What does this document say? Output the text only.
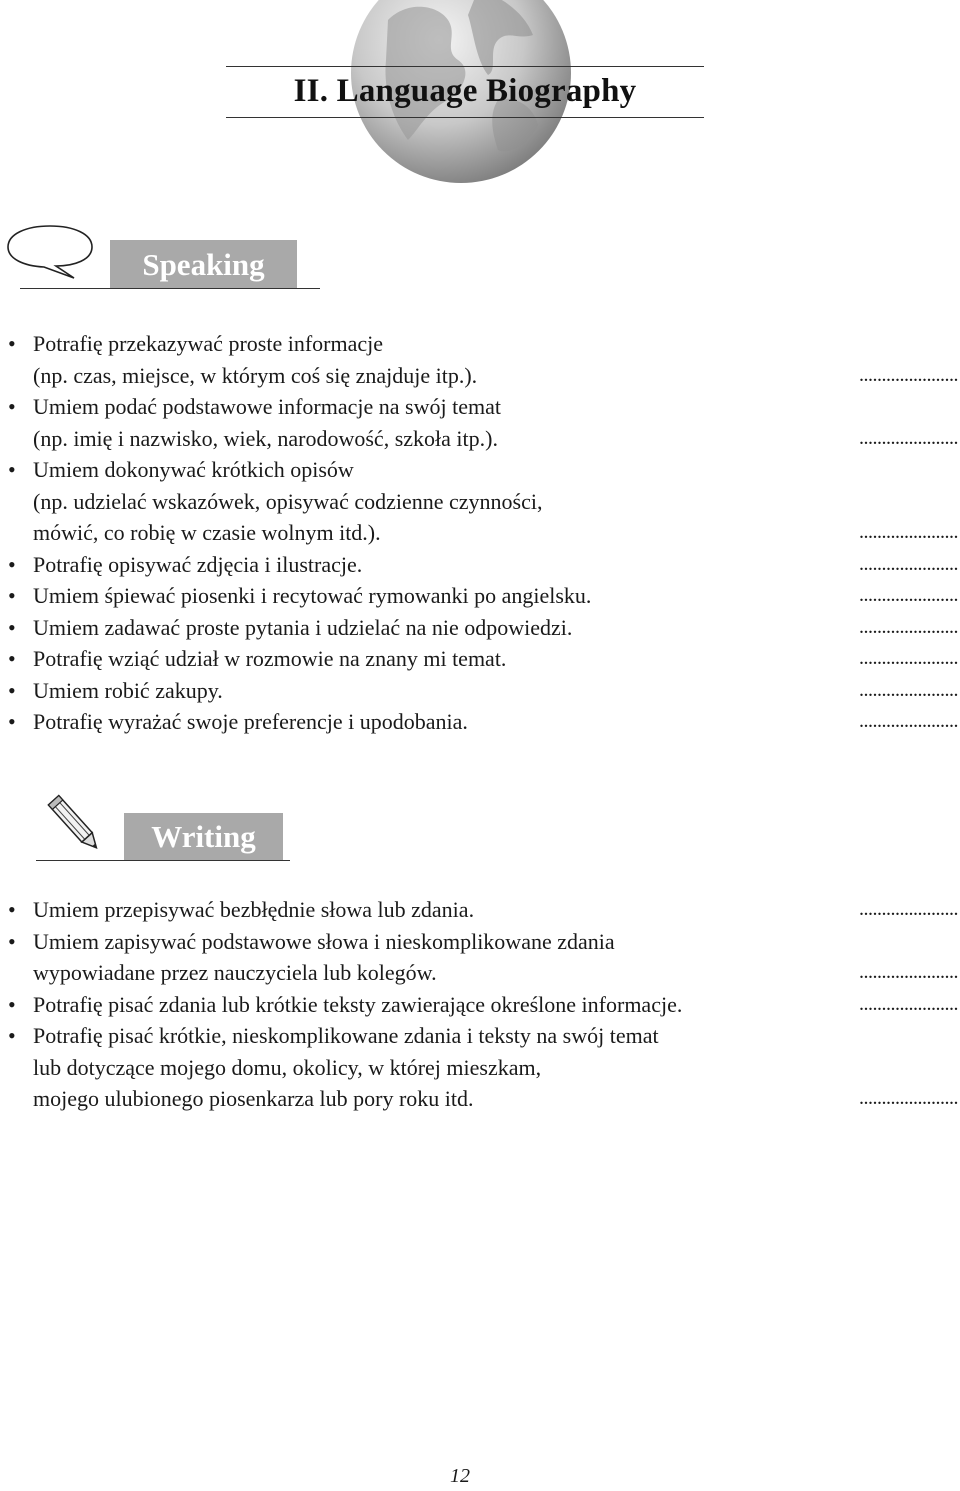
II. Language Biography
Speaking
• Potrafię przekazywać proste informacje
(np. czas, miejsce, w którym coś się znajduje itp.).	......................
• Umiem podać podstawowe informacje na swój temat
(np. imię i nazwisko, wiek, narodowość, szkoła itp.).	......................
• Umiem dokonywać krótkich opisów
(np. udzielać wskazówek, opisywać codzienne czynności,
mówić, co robię w czasie wolnym itd.).	......................
• Potrafię opisywać zdjęcia i ilustracje.	......................
• Umiem śpiewać piosenki i recytować rymowanki po angielsku.	......................
• Umiem zadawać proste pytania i udzielać na nie odpowiedzi.	......................
• Potrafię wziąć udział w rozmowie na znany mi temat.	......................
• Umiem robić zakupy.	......................
• Potrafię wyrażać swoje preferencje i upodobania.	......................
Writing
• Umiem przepisywać bezbłędnie słowa lub zdania.	......................
• Umiem zapisywać podstawowe słowa i nieskomplikowane zdania
wypowiadane przez nauczyciela lub kolegów.	......................
• Potrafię pisać zdania lub krótkie teksty zawierające określone informacje.	......................
• Potrafię pisać krótkie, nieskomplikowane zdania i teksty na swój temat
lub dotyczące mojego domu, okolicy, w której mieszkam,
mojego ulubionego piosenkarza lub pory roku itd.	......................
12
